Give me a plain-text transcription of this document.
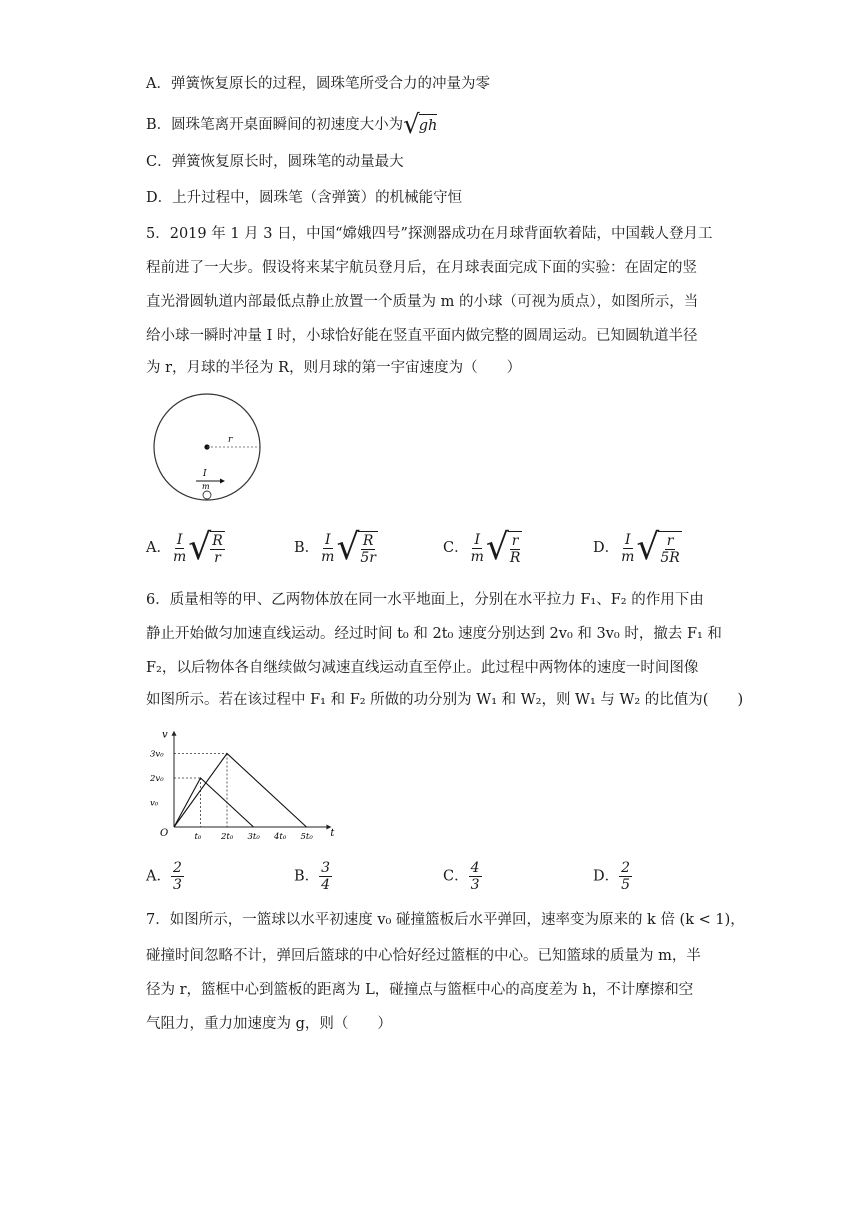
A．弹簧恢复原长的过程，圆珠笔所受合力的冲量为零
B．圆珠笔离开桌面瞬间的初速度大小为 √ gh
C．弹簧恢复原长时，圆珠笔的动量最大
D．上升过程中，圆珠笔（含弹簧）的机械能守恒
5．2019 年 1 月 3 日，中国“嫦娥四号”探测器成功在月球背面软着陆，中国载人登月工
程前进了一大步。假设将来某宇航员登月后，在月球表面完成下面的实验：在固定的竖
直光滑圆轨道内部最低点静止放置一个质量为 m 的小球（可视为质点），如图所示，当
给小球一瞬时冲量 I 时，小球恰好能在竖直平面内做完整的圆周运动。已知圆轨道半径
为 r，月球的半径为 R，则月球的第一宇宙速度为（　　）
r
I
m
A． $\frac{I}{m}$ √ $\frac{R}{r}$	B． $\frac{I}{m}$ √ $\frac{R}{5r}$	C． $\frac{I}{m}$ √ $\frac{r}{R}$	D． $\frac{I}{m}$ √ $\frac{r}{5R}$
6．质量相等的甲、乙两物体放在同一水平地面上，分别在水平拉力 F₁、F₂ 的作用下由
静止开始做匀加速直线运动。经过时间 t₀ 和 2t₀ 速度分别达到 2v₀ 和 3v₀ 时，撤去 F₁ 和
F₂，以后物体各自继续做匀减速直线运动直至停止。此过程中两物体的速度一时间图像
如图所示。若在该过程中 F₁ 和 F₂ 所做的功分别为 W₁ 和 W₂，则 W₁ 与 W₂ 的比值为(　　)
O	t
v
t₀ 2t₀ 3t₀ 4t₀ 5t₀
v₀
2v₀
3v₀
A． $\frac{2}{3}$	B． $\frac{3}{4}$	C． $\frac{4}{3}$	D． $\frac{2}{5}$
7．如图所示，一篮球以水平初速度 v₀ 碰撞篮板后水平弹回，速率变为原来的 k 倍 (k < 1)，
碰撞时间忽略不计，弹回后篮球的中心恰好经过篮框的中心。已知篮球的质量为 m，半
径为 r，篮框中心到篮板的距离为 L，碰撞点与篮框中心的高度差为 h，不计摩擦和空
气阻力，重力加速度为 g，则（　　）
